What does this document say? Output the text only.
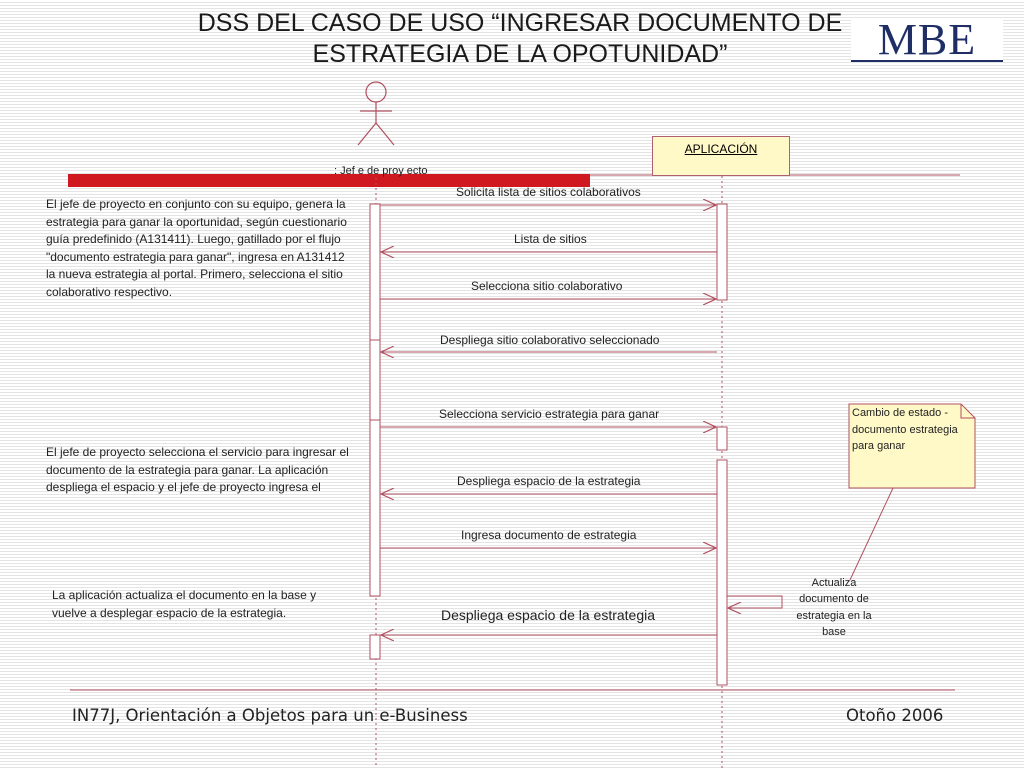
DSS DEL CASO DE USO “INGRESAR DOCUMENTO DE
ESTRATEGIA DE LA OPOTUNIDAD”	MBE
: Jef e de proy ecto
APLICACIÓN
Solicita lista de sitios colaborativos
Lista de sitios
Selecciona sitio colaborativo
Despliega sitio colaborativo seleccionado
Selecciona servicio estrategia para ganar
Despliega espacio de la estrategia
Ingresa documento de estrategia
Despliega espacio de la estrategia
Cambio de estado - documento estrategia para ganar
Actualiza documento de estrategia en la base
El jefe de proyecto en conjunto con su equipo, genera la estrategia para ganar la oportunidad, según cuestionario guía predefinido (A131411). Luego, gatillado por el flujo "documento estrategia para ganar", ingresa en A131412 la nueva estrategia al portal. Primero, selecciona el sitio colaborativo respectivo.
El jefe de proyecto selecciona el servicio para ingresar el documento de la estrategia para ganar. La aplicación despliega el espacio y el jefe de proyecto ingresa el
La aplicación actualiza el documento en la base y vuelve a desplegar espacio de la estrategia.
IN77J, Orientación a Objetos para un e-Business	Otoño 2006
